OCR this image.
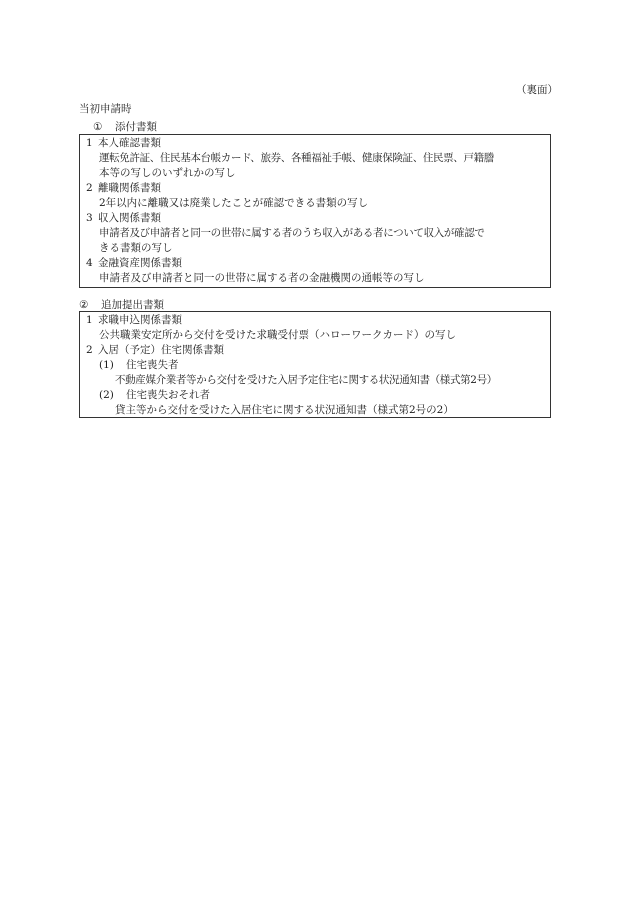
（裏面）
当初申請時
① 添付書類
1 本人確認書類
運転免許証、住民基本台帳カード、旅券、各種福祉手帳、健康保険証、住民票、戸籍謄
本等の写しのいずれかの写し
2 離職関係書類
2年以内に離職又は廃業したことが確認できる書類の写し
3 収入関係書類
申請者及び申請者と同一の世帯に属する者のうち収入がある者について収入が確認で
きる書類の写し
4 金融資産関係書類
申請者及び申請者と同一の世帯に属する者の金融機関の通帳等の写し
② 追加提出書類
1 求職申込関係書類
公共職業安定所から交付を受けた求職受付票（ハローワークカード）の写し
2 入居（予定）住宅関係書類
(1) 住宅喪失者
不動産媒介業者等から交付を受けた入居予定住宅に関する状況通知書（様式第2号）
(2) 住宅喪失おそれ者
貸主等から交付を受けた入居住宅に関する状況通知書（様式第2号の2）
